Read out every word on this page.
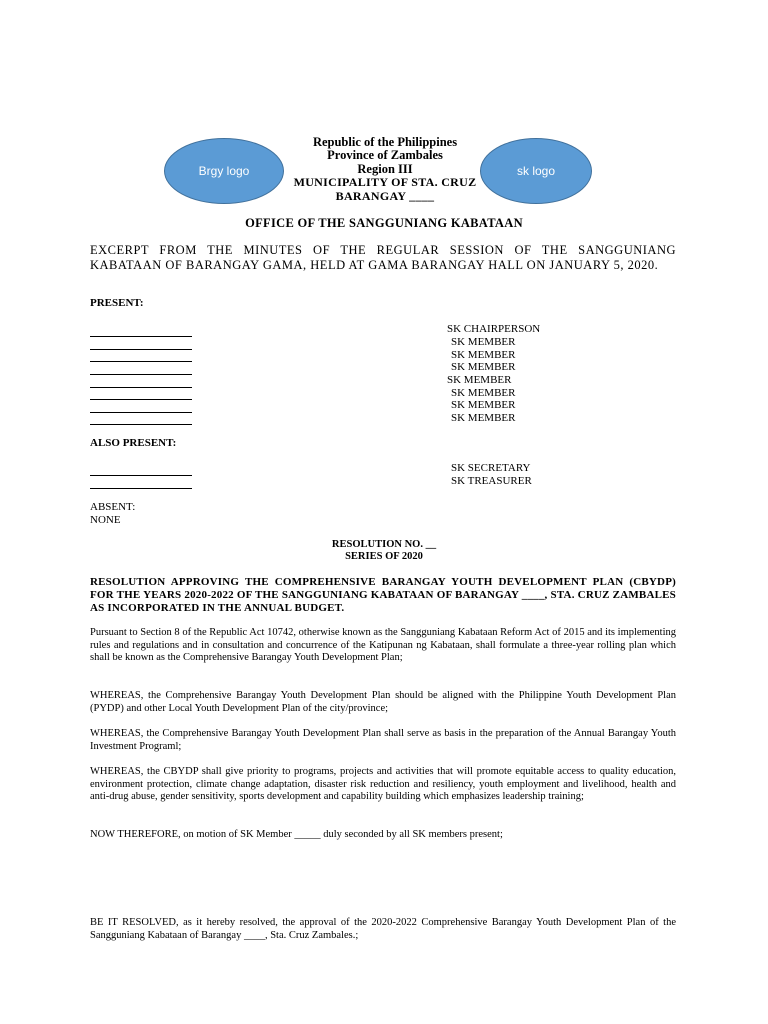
Brgy logo	sk logo
Republic of the Philippines
Province of Zambales
Region III
MUNICIPALITY OF STA. CRUZ
BARANGAY ____
OFFICE OF THE SANGGUNIANG KABATAAN
EXCERPT FROM THE MINUTES OF THE REGULAR SESSION OF THE SANGGUNIANG KABATAAN OF BARANGAY GAMA, HELD AT GAMA BARANGAY HALL ON JANUARY 5, 2020.
PRESENT:
SK CHAIRPERSON
SK MEMBER
SK MEMBER
SK MEMBER
SK MEMBER
SK MEMBER
SK MEMBER
SK MEMBER
ALSO PRESENT:
SK SECRETARY
SK TREASURER
ABSENT:
NONE
RESOLUTION NO. __
SERIES OF 2020
RESOLUTION APPROVING THE COMPREHENSIVE BARANGAY YOUTH DEVELOPMENT PLAN (CBYDP) FOR THE YEARS 2020-2022 OF THE SANGGUNIANG KABATAAN OF BARANGAY ____, STA. CRUZ ZAMBALES AS INCORPORATED IN THE ANNUAL BUDGET.
Pursuant to Section 8 of the Republic Act 10742, otherwise known as the Sangguniang Kabataan Reform Act of 2015 and its implementing rules and regulations and in consultation and concurrence of the Katipunan ng Kabataan, shall formulate a three-year rolling plan which shall be known as the Comprehensive Barangay Youth Development Plan;
WHEREAS, the Comprehensive Barangay Youth Development Plan should be aligned with the Philippine Youth Development Plan (PYDP) and other Local Youth Development Plan of the city/province;
WHEREAS, the Comprehensive Barangay Youth Development Plan shall serve as basis in the preparation of the Annual Barangay Youth Investment Programl;
WHEREAS, the CBYDP shall give priority to programs, projects and activities that will promote equitable access to quality education, environment protection, climate change adaptation, disaster risk reduction and resiliency, youth employment and livelihood, health and anti-drug abuse, gender sensitivity, sports development and capability building which emphasizes leadership training;
NOW THEREFORE, on motion of SK Member _____ duly seconded by all SK members present;
BE IT RESOLVED, as it hereby resolved, the approval of the 2020-2022 Comprehensive Barangay Youth Development Plan of the Sangguniang Kabataan of Barangay ____, Sta. Cruz Zambales.;
